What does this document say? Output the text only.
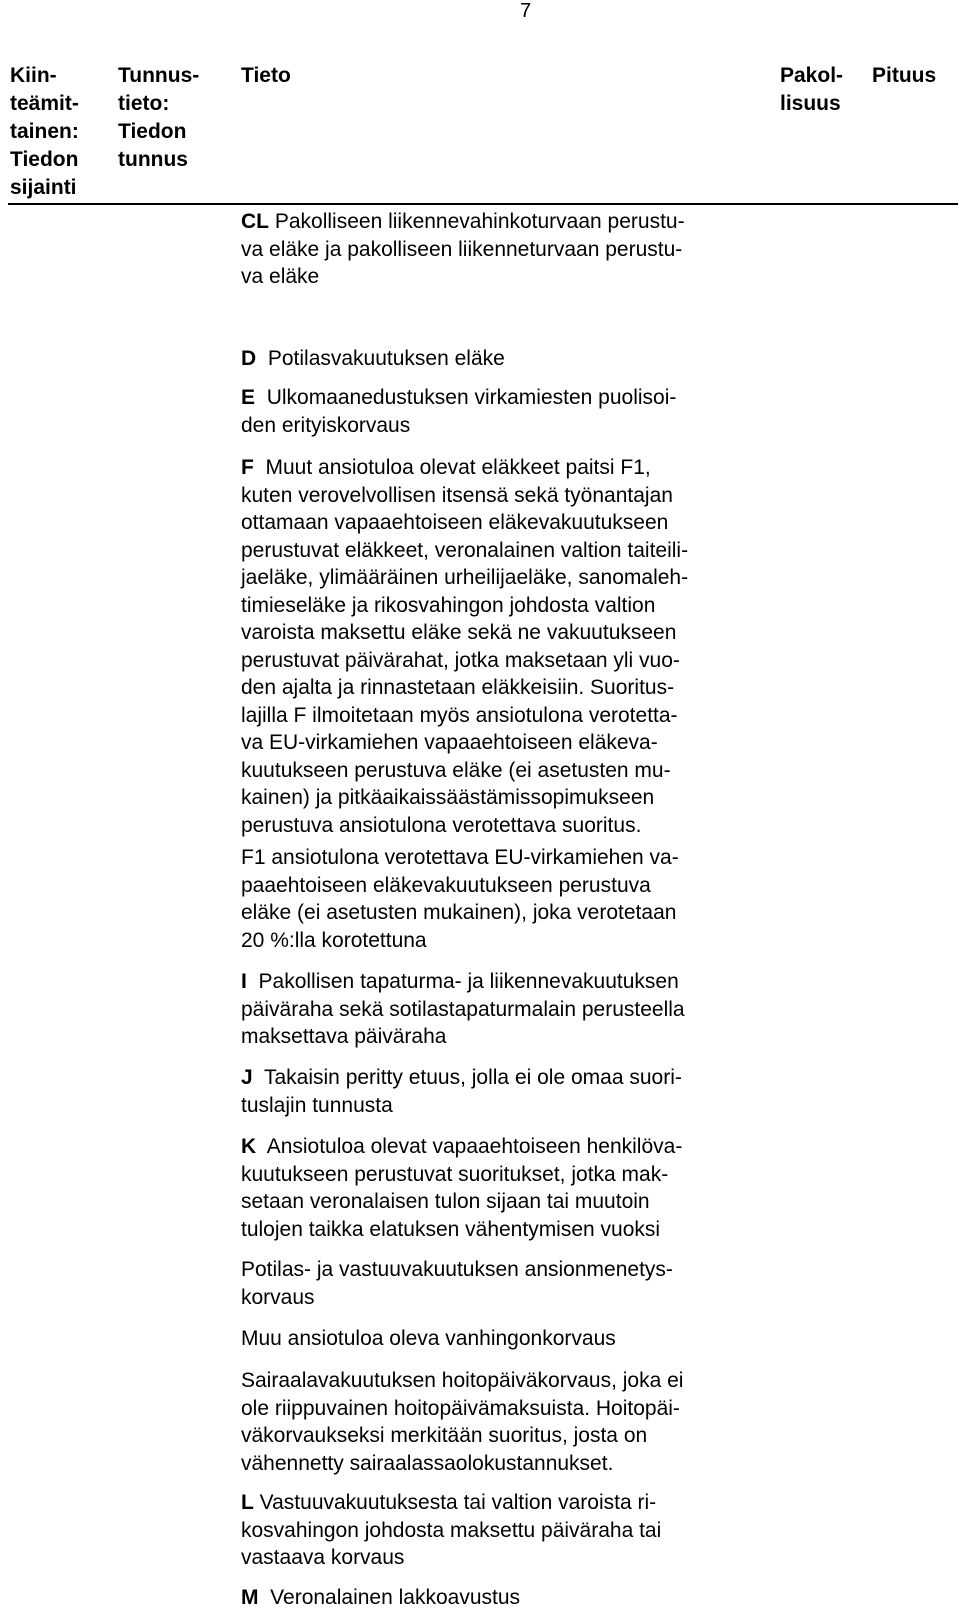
7
Kiin-
teämit-
tainen:
Tiedon
sijainti
Tunnus-
tieto:
Tiedon
tunnus
Tieto	Pakol-
lisuus
Pituus
CL Pakolliseen liikennevahinkoturvaan perustu-
va eläke ja pakolliseen liikenneturvaan perustu-
va eläke
D Potilasvakuutuksen eläke
E Ulkomaanedustuksen virkamiesten puolisoi-
den erityiskorvaus
F Muut ansiotuloa olevat eläkkeet paitsi F1,
kuten verovelvollisen itsensä sekä työnantajan
ottamaan vapaaehtoiseen eläkevakuutukseen
perustuvat eläkkeet, veronalainen valtion taiteili-
jaeläke, ylimääräinen urheilijaeläke, sanomaleh-
timieseläke ja rikosvahingon johdosta valtion
varoista maksettu eläke sekä ne vakuutukseen
perustuvat päivärahat, jotka maksetaan yli vuo-
den ajalta ja rinnastetaan eläkkeisiin. Suoritus-
lajilla F ilmoitetaan myös ansiotulona verotetta-
va EU-virkamiehen vapaaehtoiseen eläkeva-
kuutukseen perustuva eläke (ei asetusten mu-
kainen) ja pitkäaikaissäästämissopimukseen
perustuva ansiotulona verotettava suoritus.
F1 ansiotulona verotettava EU-virkamiehen va-
paaehtoiseen eläkevakuutukseen perustuva
eläke (ei asetusten mukainen), joka verotetaan
20 %:lla korotettuna
I Pakollisen tapaturma- ja liikennevakuutuksen
päiväraha sekä sotilastapaturmalain perusteella
maksettava päiväraha
J Takaisin peritty etuus, jolla ei ole omaa suori-
tuslajin tunnusta
K Ansiotuloa olevat vapaaehtoiseen henkilöva-
kuutukseen perustuvat suoritukset, jotka mak-
setaan veronalaisen tulon sijaan tai muutoin
tulojen taikka elatuksen vähentymisen vuoksi
Potilas- ja vastuuvakuutuksen ansionmenetys-
korvaus
Muu ansiotuloa oleva vanhingonkorvaus
Sairaalavakuutuksen hoitopäiväkorvaus, joka ei
ole riippuvainen hoitopäivämaksuista. Hoitopäi-
väkorvaukseksi merkitään suoritus, josta on
vähennetty sairaalassaolokustannukset.
L Vastuuvakuutuksesta tai valtion varoista ri-
kosvahingon johdosta maksettu päiväraha tai
vastaava korvaus
M Veronalainen lakkoavustus
